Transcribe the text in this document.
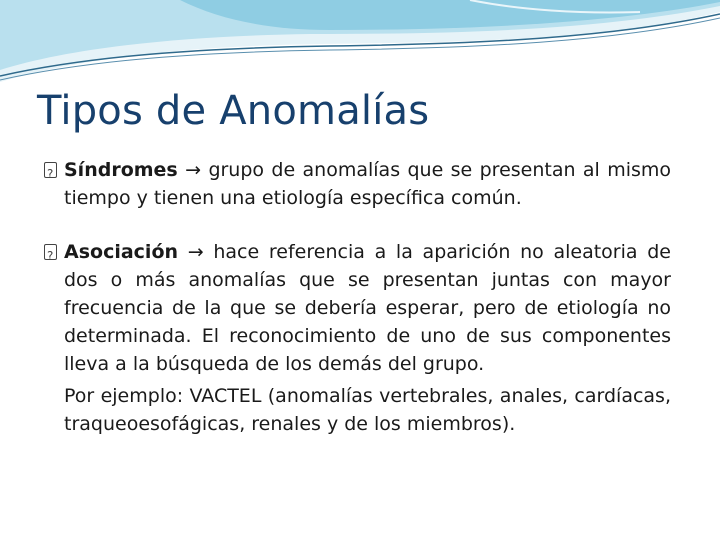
Tipos de Anomalías
?
Síndromes → grupo de anomalías que se presentan al mismo tiempo y tienen una etiología específica común.
?
Asociación → hace referencia a la aparición no aleatoria de dos o más anomalías que se presentan juntas con mayor frecuencia de la que se debería esperar, pero de etiología no determinada. El reconocimiento de uno de sus componentes lleva a la búsqueda de los demás del grupo.
Por ejemplo: VACTEL (anomalías vertebrales, anales, cardíacas, traqueoesofágicas, renales y de los miembros).
